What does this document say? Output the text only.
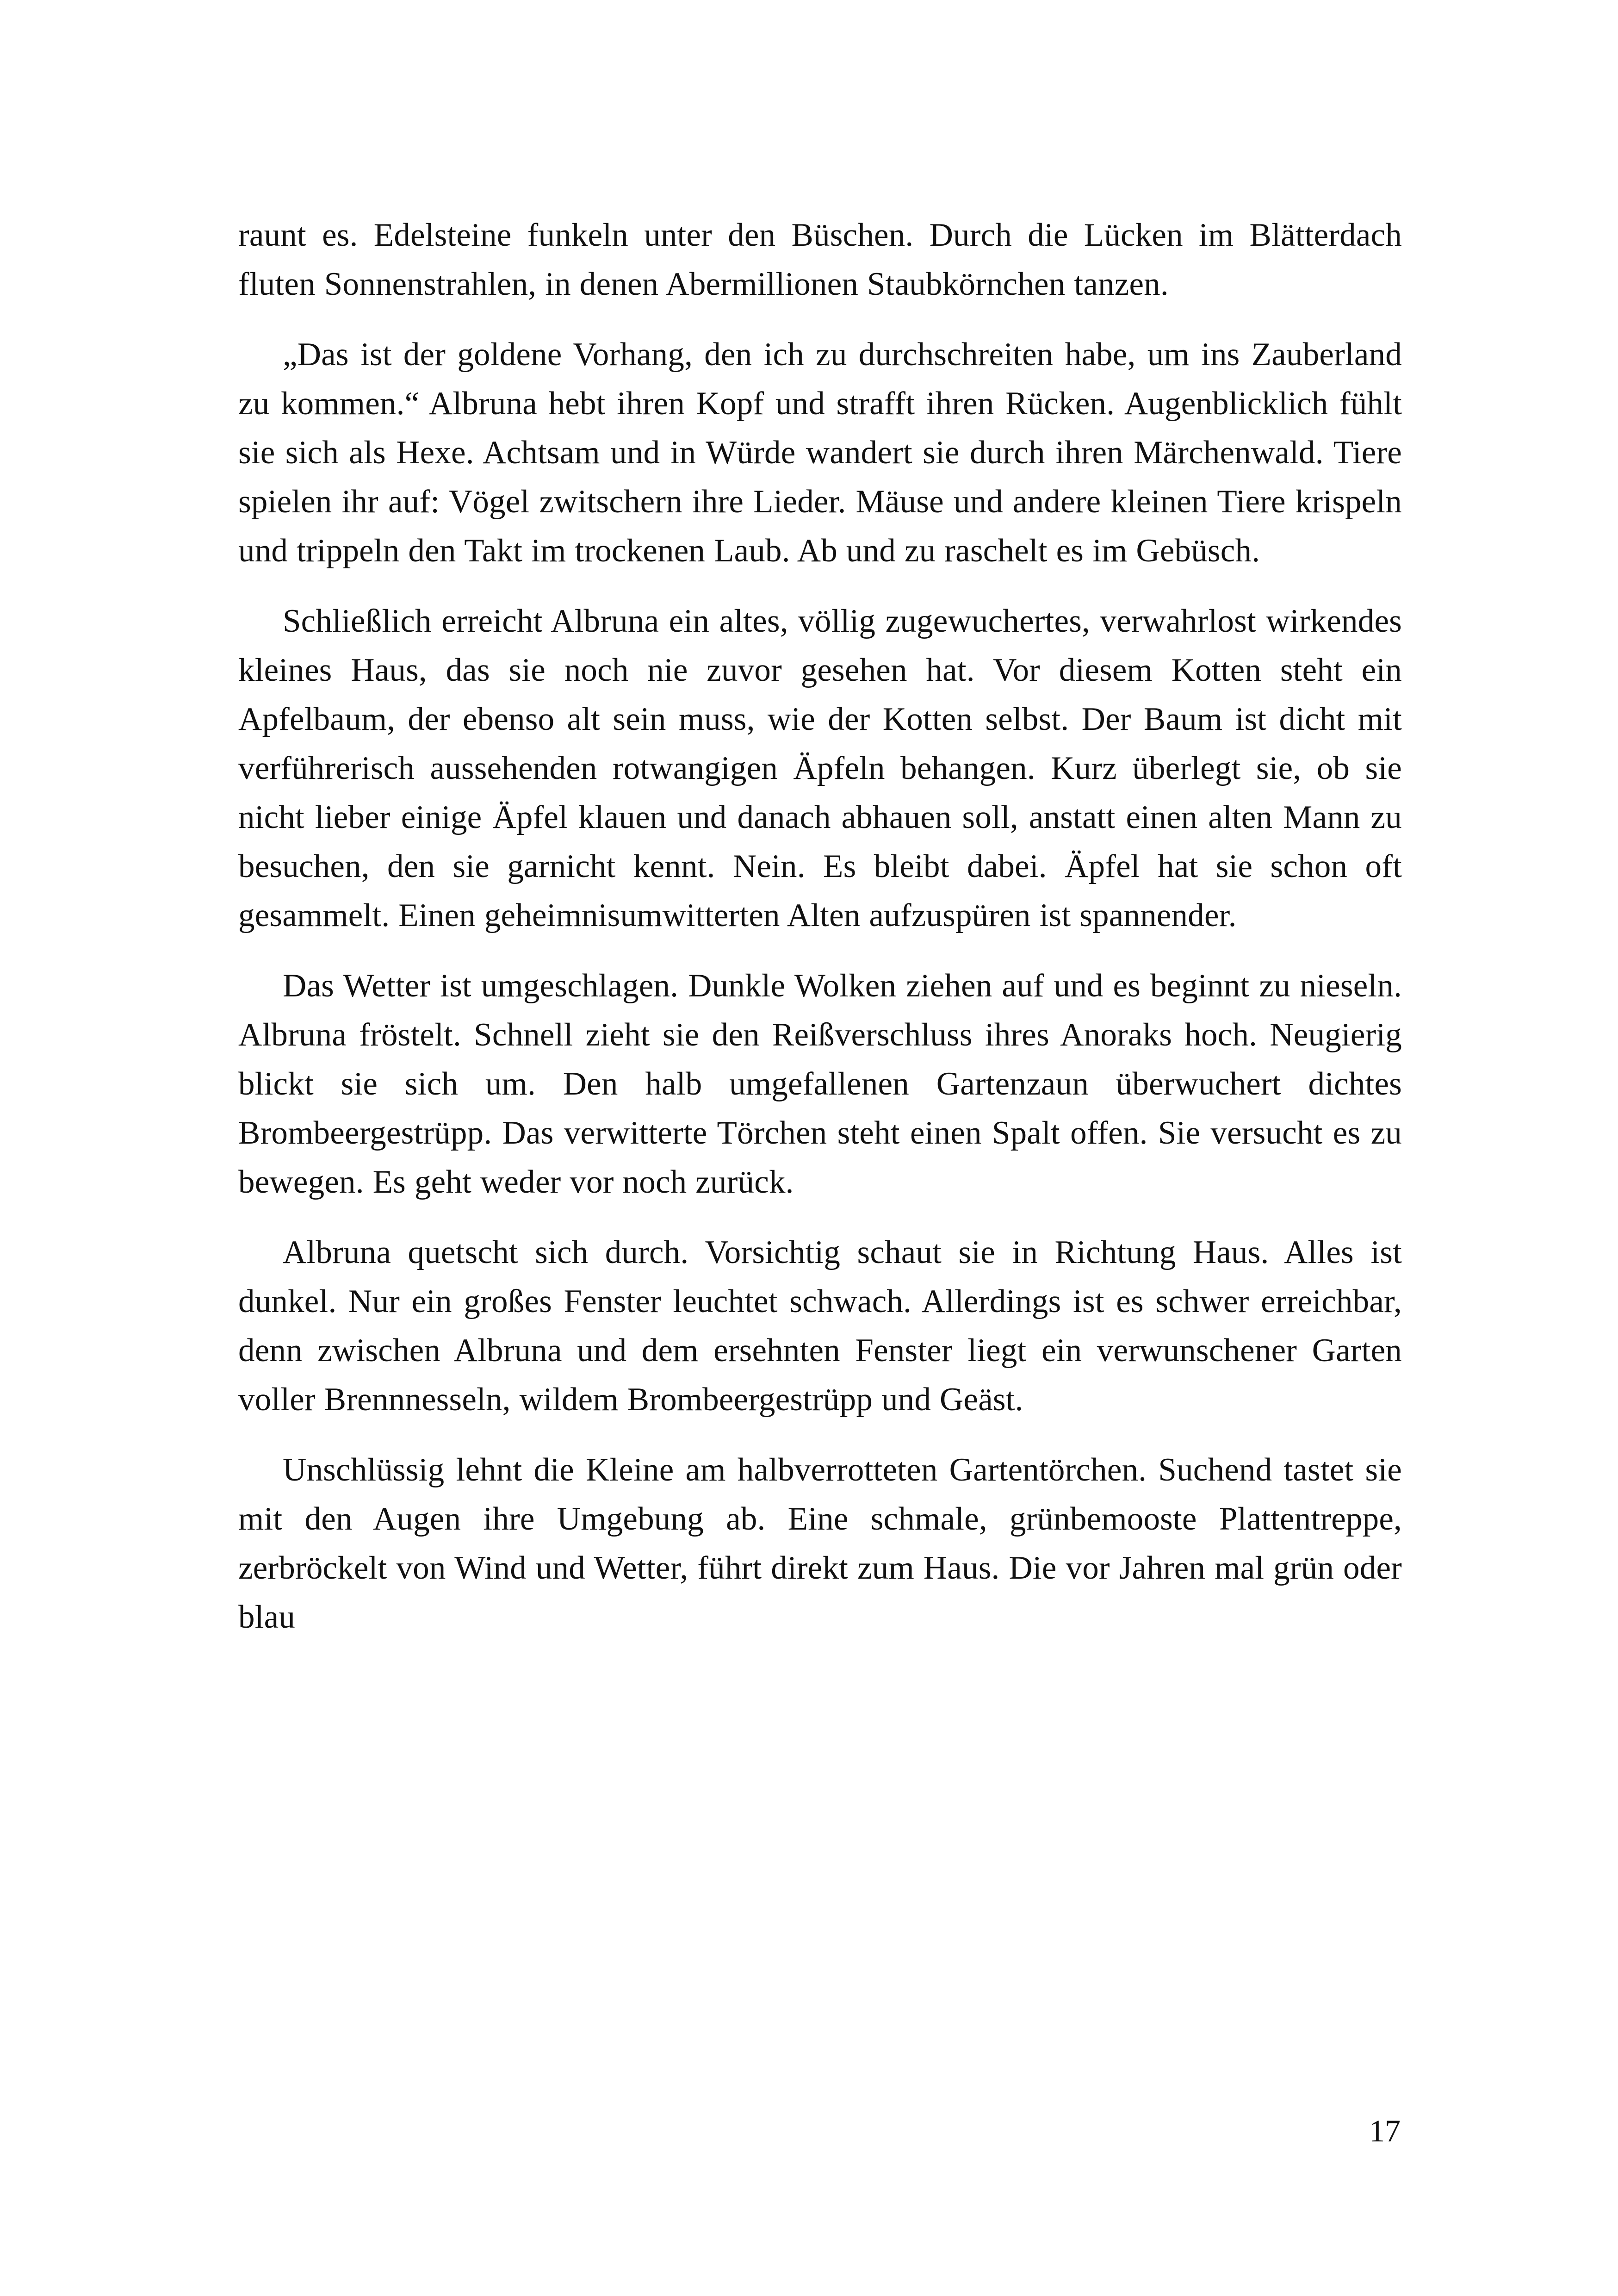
raunt es. Edelsteine funkeln unter den Büschen. Durch die Lücken im Blätterdach fluten Sonnenstrahlen, in denen Abermillionen Staubkörnchen tanzen.

„Das ist der goldene Vorhang, den ich zu durchschreiten habe, um ins Zauberland zu kommen.“ Albruna hebt ihren Kopf und strafft ihren Rücken. Augenblicklich fühlt sie sich als Hexe. Achtsam und in Würde wandert sie durch ihren Märchenwald. Tiere spielen ihr auf: Vögel zwitschern ihre Lieder. Mäuse und andere kleinen Tiere krispeln und trippeln den Takt im trockenen Laub. Ab und zu raschelt es im Gebüsch.

Schließlich erreicht Albruna ein altes, völlig zugewuchertes, verwahrlost wirkendes kleines Haus, das sie noch nie zuvor gesehen hat. Vor diesem Kotten steht ein Apfelbaum, der ebenso alt sein muss, wie der Kotten selbst. Der Baum ist dicht mit verführerisch aussehenden rotwangigen Äpfeln behangen. Kurz überlegt sie, ob sie nicht lieber einige Äpfel klauen und danach abhauen soll, anstatt einen alten Mann zu besuchen, den sie garnicht kennt. Nein. Es bleibt dabei. Äpfel hat sie schon oft gesammelt. Einen geheimnisumwitterten Alten aufzuspüren ist spannender.

Das Wetter ist umgeschlagen. Dunkle Wolken ziehen auf und es beginnt zu nieseln. Albruna fröstelt. Schnell zieht sie den Reißverschluss ihres Anoraks hoch. Neugierig blickt sie sich um. Den halb umgefallenen Gartenzaun überwuchert dichtes Brombeergestrüpp. Das verwitterte Törchen steht einen Spalt offen. Sie versucht es zu bewegen. Es geht weder vor noch zurück.

Albruna quetscht sich durch. Vorsichtig schaut sie in Richtung Haus. Alles ist dunkel. Nur ein großes Fenster leuchtet schwach. Allerdings ist es schwer erreichbar, denn zwischen Albruna und dem ersehnten Fenster liegt ein verwunschener Garten voller Brennnesseln, wildem Brombeergestrüpp und Geäst.

Unschlüssig lehnt die Kleine am halbverrotteten Gartentörchen. Suchend tastet sie mit den Augen ihre Umgebung ab. Eine schmale, grünbemooste Plattentreppe, zerbröckelt von Wind und Wetter, führt direkt zum Haus. Die vor Jahren mal grün oder blau

17
